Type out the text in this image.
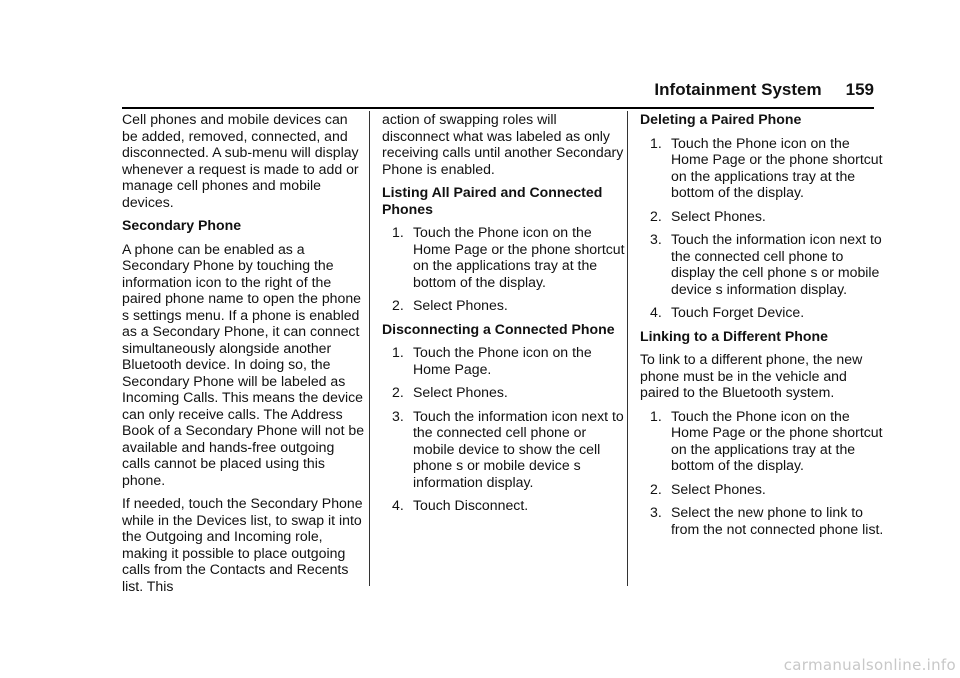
Infotainment System 159

Cell phones and mobile devices can be added, removed, connected, and disconnected. A sub-menu will display whenever a request is made to add or manage cell phones and mobile devices.

Secondary Phone

A phone can be enabled as a Secondary Phone by touching the information icon to the right of the paired phone name to open the phone s settings menu. If a phone is enabled as a Secondary Phone, it can connect simultaneously alongside another Bluetooth device. In doing so, the Secondary Phone will be labeled as Incoming Calls. This means the device can only receive calls. The Address Book of a Secondary Phone will not be available and hands-free outgoing calls cannot be placed using this phone.

If needed, touch the Secondary Phone while in the Devices list, to swap it into the Outgoing and Incoming role, making it possible to place outgoing calls from the Contacts and Recents list. This

action of swapping roles will disconnect what was labeled as only receiving calls until another Secondary Phone is enabled.

Listing All Paired and Connected Phones
1. Touch the Phone icon on the Home Page or the phone shortcut on the applications tray at the bottom of the display.
2. Select Phones.
Disconnecting a Connected Phone
1. Touch the Phone icon on the Home Page.
2. Select Phones.
3. Touch the information icon next to the connected cell phone or mobile device to show the cell phone s or mobile device s information display.
4. Touch Disconnect.
Deleting a Paired Phone
1. Touch the Phone icon on the Home Page or the phone shortcut on the applications tray at the bottom of the display.
2. Select Phones.
3. Touch the information icon next to the connected cell phone to display the cell phone s or mobile device s information display.
4. Touch Forget Device.
Linking to a Different Phone

To link to a different phone, the new phone must be in the vehicle and paired to the Bluetooth system.

1. Touch the Phone icon on the Home Page or the phone shortcut on the applications tray at the bottom of the display.
2. Select Phones.
3. Select the new phone to link to from the not connected phone list.
carmanualsonline.info
